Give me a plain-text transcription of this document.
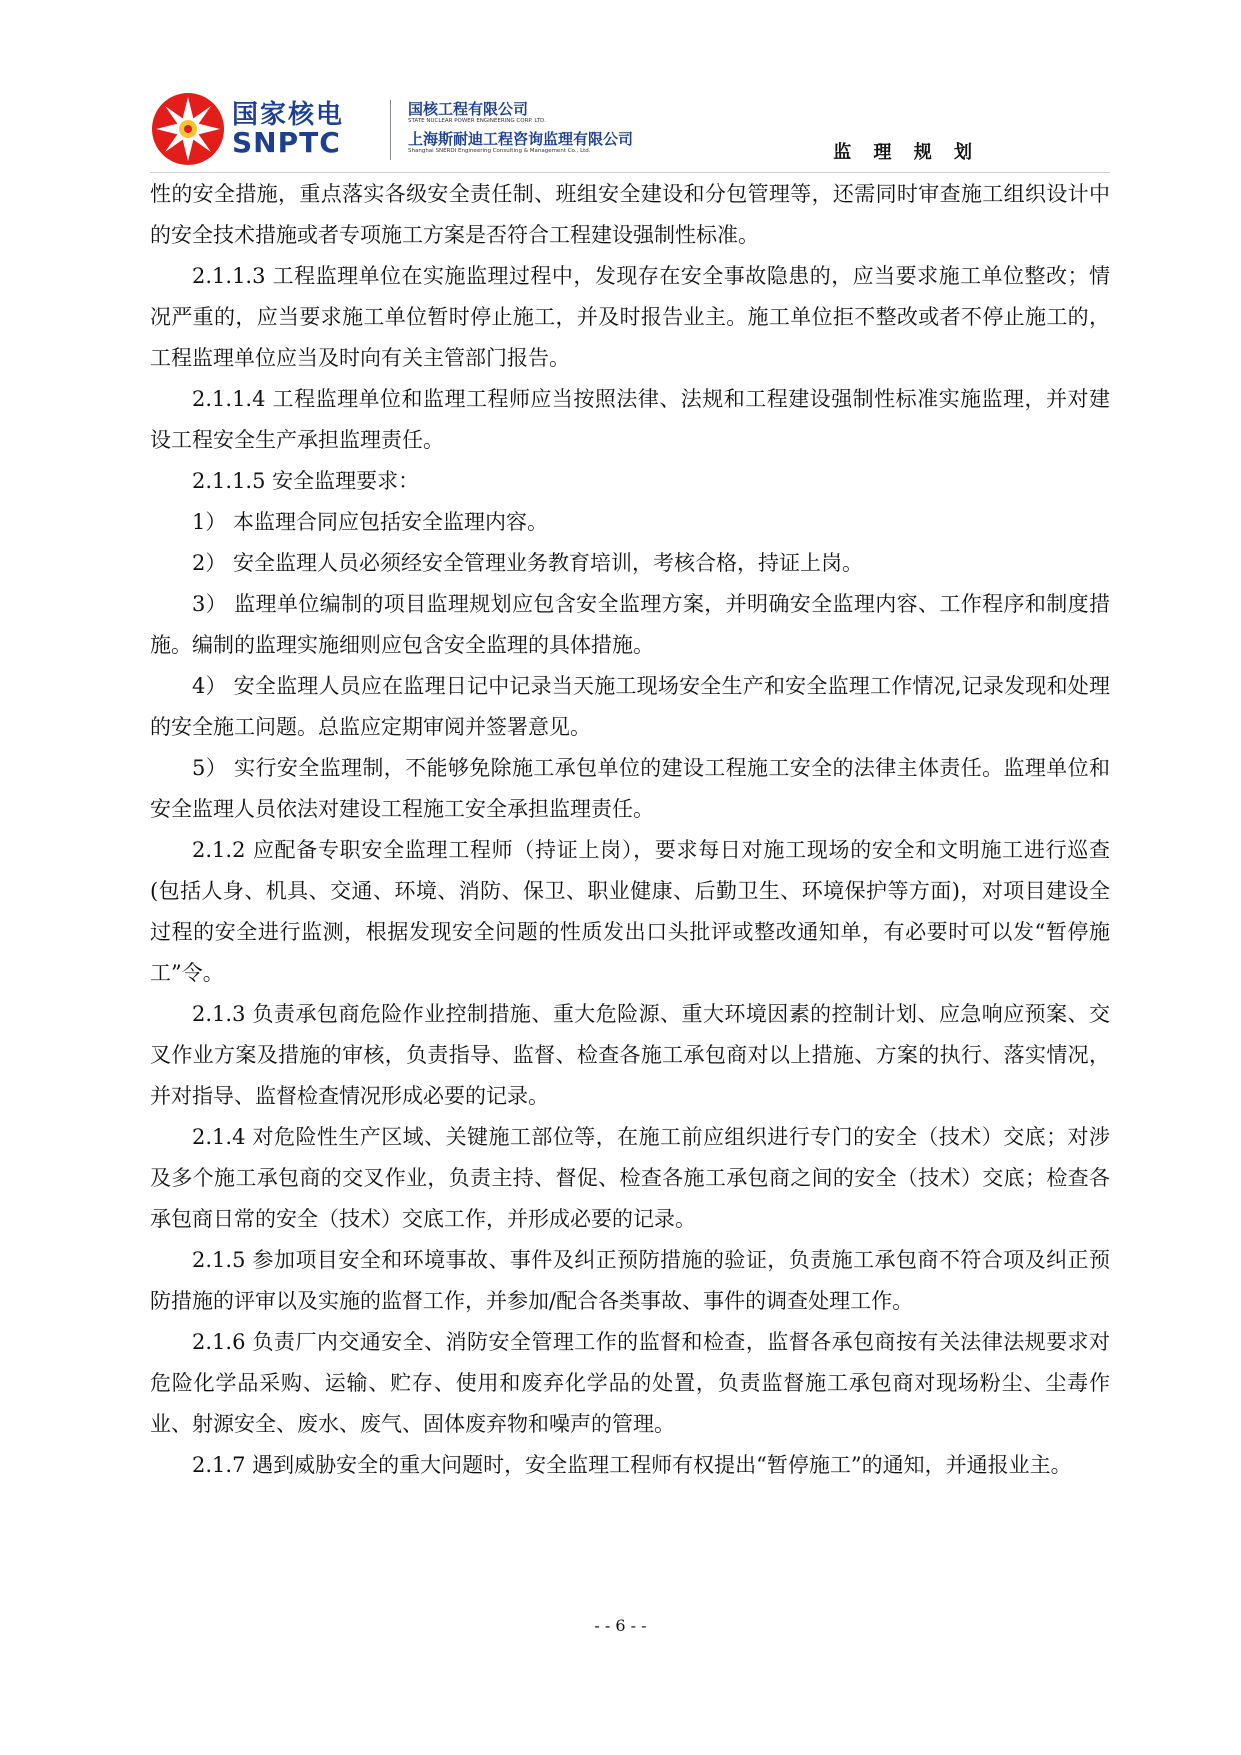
国家核电
SNPTC
国核工程有限公司
STATE NUCLEAR POWER ENGINEERING CORP. LTD.
上海斯耐迪工程咨询监理有限公司
Shanghai SNERDI Engineering Consulting & Management Co., Ltd.	监 理 规 划

性的安全措施，重点落实各级安全责任制、班组安全建设和分包管理等，还需同时审查施工组织设计中的安全技术措施或者专项施工方案是否符合工程建设强制性标准。

2.1.1.3 工程监理单位在实施监理过程中，发现存在安全事故隐患的，应当要求施工单位整改；情况严重的，应当要求施工单位暂时停止施工，并及时报告业主。施工单位拒不整改或者不停止施工的，工程监理单位应当及时向有关主管部门报告。

2.1.1.4 工程监理单位和监理工程师应当按照法律、法规和工程建设强制性标准实施监理，并对建设工程安全生产承担监理责任。

2.1.1.5 安全监理要求：

1） 本监理合同应包括安全监理内容。

2） 安全监理人员必须经安全管理业务教育培训，考核合格，持证上岗。

3） 监理单位编制的项目监理规划应包含安全监理方案，并明确安全监理内容、工作程序和制度措施。编制的监理实施细则应包含安全监理的具体措施。

4） 安全监理人员应在监理日记中记录当天施工现场安全生产和安全监理工作情况,记录发现和处理的安全施工问题。总监应定期审阅并签署意见。

5） 实行安全监理制，不能够免除施工承包单位的建设工程施工安全的法律主体责任。监理单位和安全监理人员依法对建设工程施工安全承担监理责任。

2.1.2 应配备专职安全监理工程师（持证上岗），要求每日对施工现场的安全和文明施工进行巡查(包括人身、机具、交通、环境、消防、保卫、职业健康、后勤卫生、环境保护等方面)，对项目建设全过程的安全进行监测，根据发现安全问题的性质发出口头批评或整改通知单，有必要时可以发“暂停施工”令。

2.1.3 负责承包商危险作业控制措施、重大危险源、重大环境因素的控制计划、应急响应预案、交叉作业方案及措施的审核，负责指导、监督、检查各施工承包商对以上措施、方案的执行、落实情况，并对指导、监督检查情况形成必要的记录。

2.1.4 对危险性生产区域、关键施工部位等，在施工前应组织进行专门的安全（技术）交底；对涉及多个施工承包商的交叉作业，负责主持、督促、检查各施工承包商之间的安全（技术）交底；检查各承包商日常的安全（技术）交底工作，并形成必要的记录。

2.1.5 参加项目安全和环境事故、事件及纠正预防措施的验证，负责施工承包商不符合项及纠正预防措施的评审以及实施的监督工作，并参加/配合各类事故、事件的调查处理工作。

2.1.6 负责厂内交通安全、消防安全管理工作的监督和检查，监督各承包商按有关法律法规要求对危险化学品采购、运输、贮存、使用和废弃化学品的处置，负责监督施工承包商对现场粉尘、尘毒作业、射源安全、废水、废气、固体废弃物和噪声的管理。

2.1.7 遇到威胁安全的重大问题时，安全监理工程师有权提出“暂停施工”的通知，并通报业主。

- - 6 - -
